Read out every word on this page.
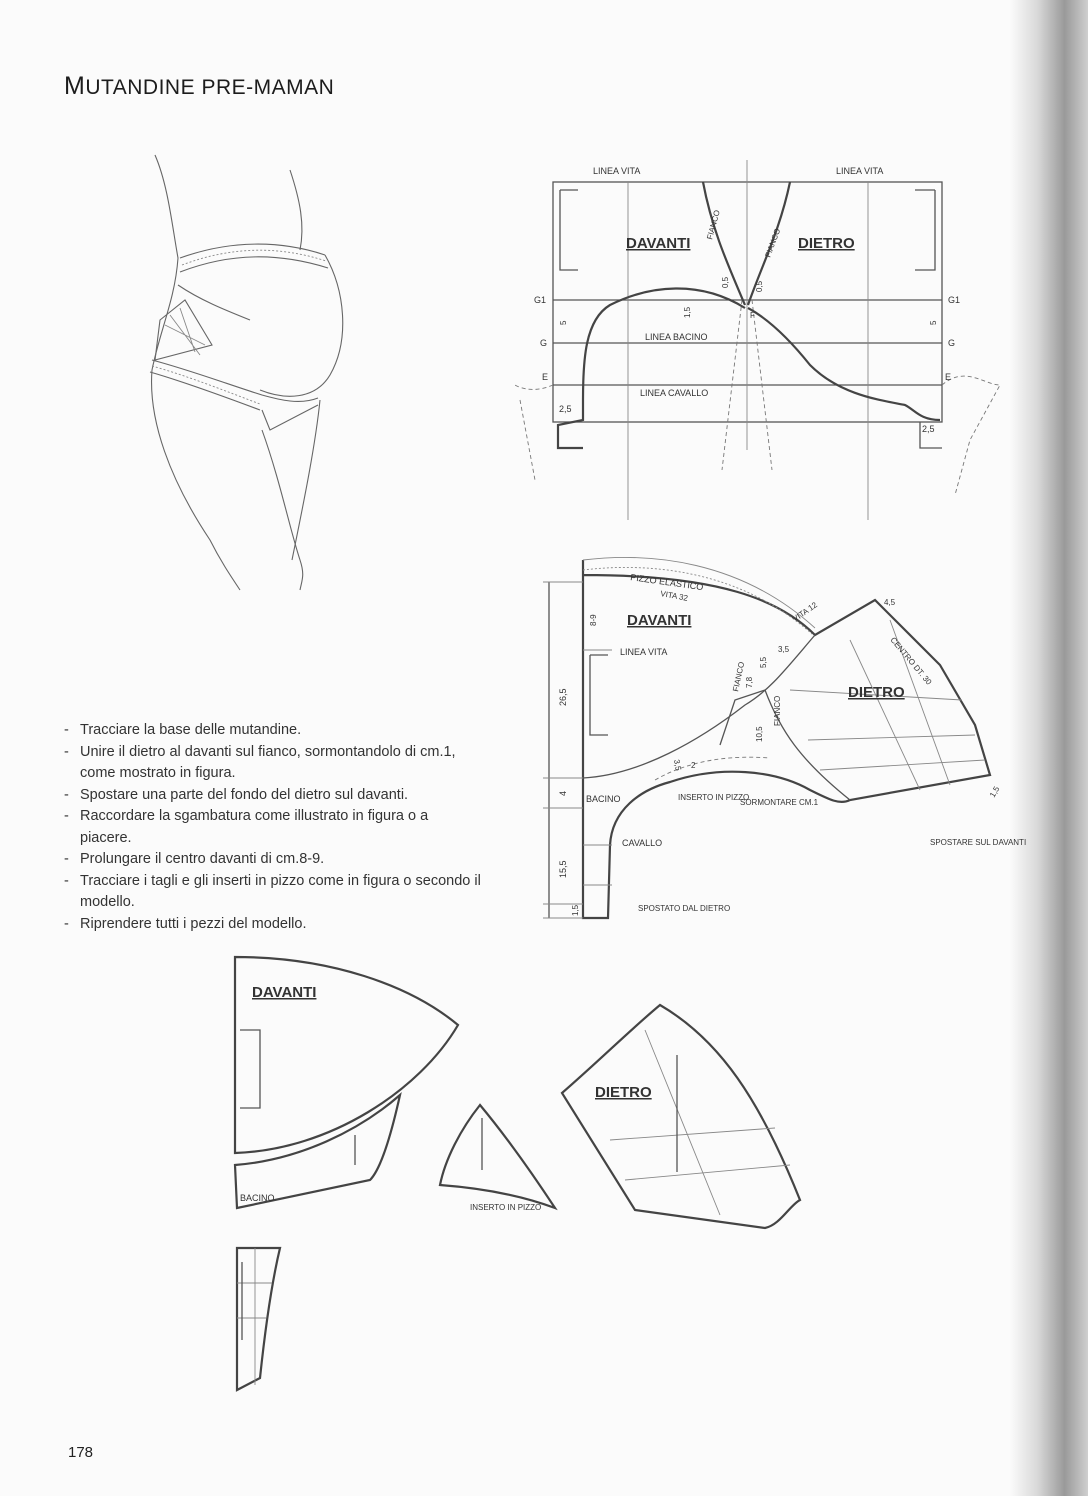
MUTANDINE PRE-MAMAN
- Tracciare la base delle mutandine.
- Unire il dietro al davanti sul fianco, sormontandolo di cm.1, come mostrato in figura.
- Spostare una parte del fondo del dietro sul davanti.
- Raccordare la sgambatura come illustrato in figura o a piacere.
- Prolungare il centro davanti di cm.8-9.
- Tracciare i tagli e gli inserti in pizzo come in figura o secondo il modello.
- Riprendere tutti i pezzi del modello.
178
LINEA VITA	LINEA VITA
DAVANTI	DIETRO
FIANCO
FIANCO
G1	G1
G	G
E	E
F
LINEA BACINO
LINEA CAVALLO
0,5	0,5
1,5
5	5
2,5
2,5
PIZZO ELASTICO
VITA 32
VITA 12
DAVANTI
DIETRO
LINEA VITA
FIANCO
FIANCO
CENTRO DT. 30
8-9
26,5
4
15,5
1,5
4,5
3,5
5,5
7,8
10,5
3,5 2
1,5
BACINO
CAVALLO
INSERTO IN PIZZO
SORMONTARE CM.1
SPOSTARE SUL DAVANTI
SPOSTATO DAL DIETRO
DAVANTI
BACINO
INSERTO IN PIZZO
DIETRO
